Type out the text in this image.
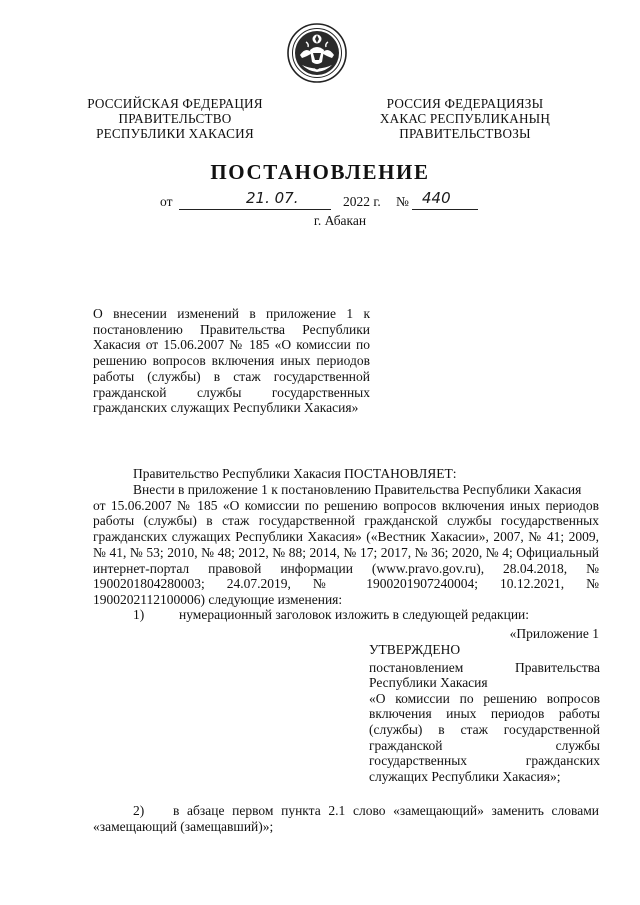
РОССИЙСКАЯ ФЕДЕРАЦИЯ
ПРАВИТЕЛЬСТВО
РЕСПУБЛИКИ ХАКАСИЯ
РОССИЯ ФЕДЕРАЦИЯЗЫ
ХАКАС РЕСПУБЛИКАНЫҢ
ПРАВИТЕЛЬСТВОЗЫ
ПОСТАНОВЛЕНИЕ
от	21. 07.	2022 г. № 440
г. Абакан

О внесении изменений в приложение 1 к постановлению Правительства Республики Хакасия от 15.06.2007 № 185 «О комиссии по решению вопросов включения иных периодов работы (службы) в стаж государственной гражданской службы государственных гражданских служащих Республики Хакасия»

Правительство Республики Хакасия ПОСТАНОВЛЯЕТ:
Внести в приложение 1 к постановлению Правительства Республики Хакасия
от 15.06.2007 № 185 «О комиссии по решению вопросов включения иных периодов работы (службы) в стаж государственной гражданской службы государственных гражданских служащих Республики Хакасия» («Вестник Хакасии», 2007, № 41; 2009, № 41, № 53; 2010, № 48; 2012, № 88; 2014, № 17; 2017, № 36; 2020, № 4; Официальный интернет-портал правовой информации (www.pravo.gov.ru), 28.04.2018, № 1900201804280003; 24.07.2019, № 1900201907240004; 10.12.2021, № 1900202112100006) следующие изменения:
1)	нумерационный заголовок изложить в следующей редакции:
«Приложение 1

УТВЕРЖДЕНО

постановлением Правительства

Республики Хакасия

«О комиссии по решению вопросов

включения иных периодов работы

(службы) в стаж государственной

гражданской службы

государственных гражданских

служащих Республики Хакасия»;

2) в абзаце первом пункта 2.1 слово «замещающий» заменить словами
«замещающий (замещавший)»;
